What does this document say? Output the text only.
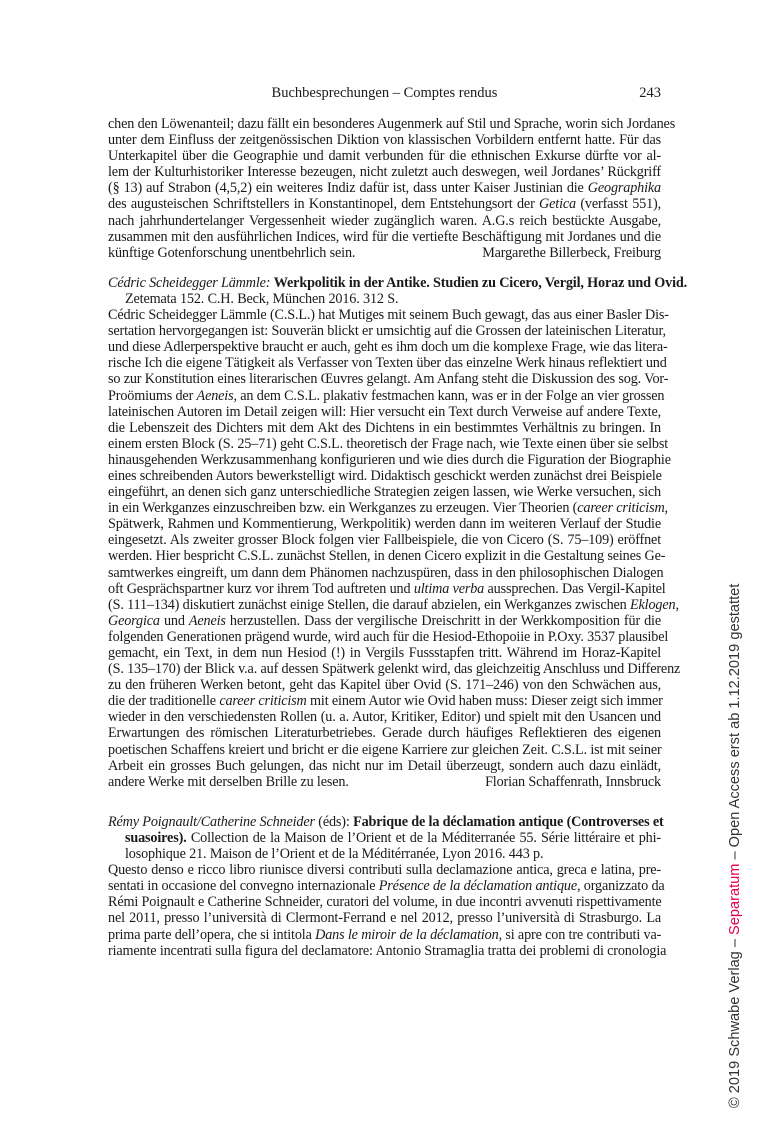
Buchbesprechungen – Comptes rendus	243
chen den Löwenanteil; dazu fällt ein besonderes Augenmerk auf Stil und Sprache, worin sich Jordanes
unter dem Einfluss der zeitgenössischen Diktion von klassischen Vorbildern entfernt hatte. Für das
Unterkapitel über die Geographie und damit verbunden für die ethnischen Exkurse dürfte vor al-
lem der Kulturhistoriker Interesse bezeugen, nicht zuletzt auch deswegen, weil Jordanes’ Rückgriff
(§ 13) auf Strabon (4,5,2) ein weiteres Indiz dafür ist, dass unter Kaiser Justinian die Geographika
des augusteischen Schriftstellers in Konstantinopel, dem Entstehungsort der Getica (verfasst 551),
nach jahrhundertelanger Vergessenheit wieder zugänglich waren. A.G.s reich bestückte Ausgabe,
zusammen mit den ausführlichen Indices, wird für die vertiefte Beschäftigung mit Jordanes und die
künftige Gotenforschung unentbehrlich sein.	Margarethe Billerbeck, Freiburg
Cédric Scheidegger Lämmle: Werkpolitik in der Antike. Studien zu Cicero, Vergil, Horaz und Ovid.
Zetemata 152. C.H. Beck, München 2016. 312 S.
Cédric Scheidegger Lämmle (C.S.L.) hat Mutiges mit seinem Buch gewagt, das aus einer Basler Dis-
sertation hervorgegangen ist: Souverän blickt er umsichtig auf die Grossen der lateinischen Literatur,
und diese Adlerperspektive braucht er auch, geht es ihm doch um die komplexe Frage, wie das litera-
rische Ich die eigene Tätigkeit als Verfasser von Texten über das einzelne Werk hinaus reflektiert und
so zur Konstitution eines literarischen Œuvres gelangt. Am Anfang steht die Diskussion des sog. Vor-
Proömiums der Aeneis, an dem C.S.L. plakativ festmachen kann, was er in der Folge an vier grossen
lateinischen Autoren im Detail zeigen will: Hier versucht ein Text durch Verweise auf andere Texte,
die Lebenszeit des Dichters mit dem Akt des Dichtens in ein bestimmtes Verhältnis zu bringen. In
einem ersten Block (S. 25–71) geht C.S.L. theoretisch der Frage nach, wie Texte einen über sie selbst
hinausgehenden Werkzusammenhang konfigurieren und wie dies durch die Figuration der Biographie
eines schreibenden Autors bewerkstelligt wird. Didaktisch geschickt werden zunächst drei Beispiele
eingeführt, an denen sich ganz unterschiedliche Strategien zeigen lassen, wie Werke versuchen, sich
in ein Werkganzes einzuschreiben bzw. ein Werkganzes zu erzeugen. Vier Theorien (career criticism,
Spätwerk, Rahmen und Kommentierung, Werkpolitik) werden dann im weiteren Verlauf der Studie
eingesetzt. Als zweiter grosser Block folgen vier Fallbeispiele, die von Cicero (S. 75–109) eröffnet
werden. Hier bespricht C.S.L. zunächst Stellen, in denen Cicero explizit in die Gestaltung seines Ge-
samtwerkes eingreift, um dann dem Phänomen nachzuspüren, dass in den philosophischen Dialogen
oft Gesprächspartner kurz vor ihrem Tod auftreten und ultima verba aussprechen. Das Vergil-Kapitel
(S. 111–134) diskutiert zunächst einige Stellen, die darauf abzielen, ein Werkganzes zwischen Eklogen,
Georgica und Aeneis herzustellen. Dass der vergilische Dreischritt in der Werkkomposition für die
folgenden Generationen prägend wurde, wird auch für die Hesiod-Ethopoiie in P.Oxy. 3537 plausibel
gemacht, ein Text, in dem nun Hesiod (!) in Vergils Fussstapfen tritt. Während im Horaz-Kapitel
(S. 135–170) der Blick v.a. auf dessen Spätwerk gelenkt wird, das gleichzeitig Anschluss und Differenz
zu den früheren Werken betont, geht das Kapitel über Ovid (S. 171–246) von den Schwächen aus,
die der traditionelle career criticism mit einem Autor wie Ovid haben muss: Dieser zeigt sich immer
wieder in den verschiedensten Rollen (u. a. Autor, Kritiker, Editor) und spielt mit den Usancen und
Erwartungen des römischen Literaturbetriebes. Gerade durch häufiges Reflektieren des eigenen
poetischen Schaffens kreiert und bricht er die eigene Karriere zur gleichen Zeit. C.S.L. ist mit seiner
Arbeit ein grosses Buch gelungen, das nicht nur im Detail überzeugt, sondern auch dazu einlädt,
andere Werke mit derselben Brille zu lesen.	Florian Schaffenrath, Innsbruck
Rémy Poignault/Catherine Schneider (éds): Fabrique de la déclamation antique (Controverses et
suasoires). Collection de la Maison de l’Orient et de la Méditerranée 55. Série littéraire et phi-
losophique 21. Maison de l’Orient et de la Méditérranée, Lyon 2016. 443 p.
Questo denso e ricco libro riunisce diversi contributi sulla declamazione antica, greca e latina, pre-
sentati in occasione del convegno internazionale Présence de la déclamation antique, organizzato da
Rémi Poignault e Catherine Schneider, curatori del volume, in due incontri avvenuti rispettivamente
nel 2011, presso l’università di Clermont-Ferrand e nel 2012, presso l’università di Strasburgo. La
prima parte dell’opera, che si intitola Dans le miroir de la déclamation, si apre con tre contributi va-
riamente incentrati sulla figura del declamatore: Antonio Stramaglia tratta dei problemi di cronologia	© 2019 Schwabe Verlag – Separatum – Open Access erst ab 1.12.2019 gestattet
